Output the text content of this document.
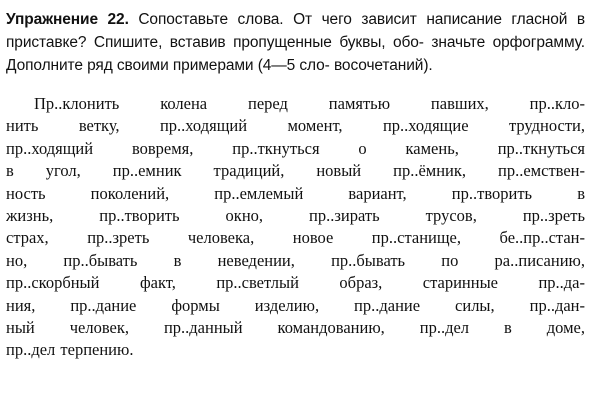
Упражнение 22. Сопоставьте слова. От чего зависит написание гласной в приставке? Спишите, вставив пропущенные буквы, обо- значьте орфограмму. Дополните ряд своими примерами (4—5 сло- восочетаний).

Пр..клонить колена перед памятью павших, пр..кло-
нить ветку, пр..ходящий момент, пр..ходящие трудности,
пр..ходящий вовремя, пр..ткнуться о камень, пр..ткнуться
в угол, пр..емник традиций, новый пр..ёмник, пр..емствен-
ность поколений, пр..емлемый вариант, пр..творить в
жизнь, пр..творить окно, пр..зирать трусов, пр..зреть
страх, пр..зреть человека, новое пр..станище, бе..пр..стан-
но, пр..бывать в неведении, пр..бывать по ра..писанию,
пр..скорбный факт, пр..светлый образ, старинные пр..да-
ния, пр..дание формы изделию, пр..дание силы, пр..дан-
ный человек, пр..данный командованию, пр..дел в доме,
пр..дел терпению.
